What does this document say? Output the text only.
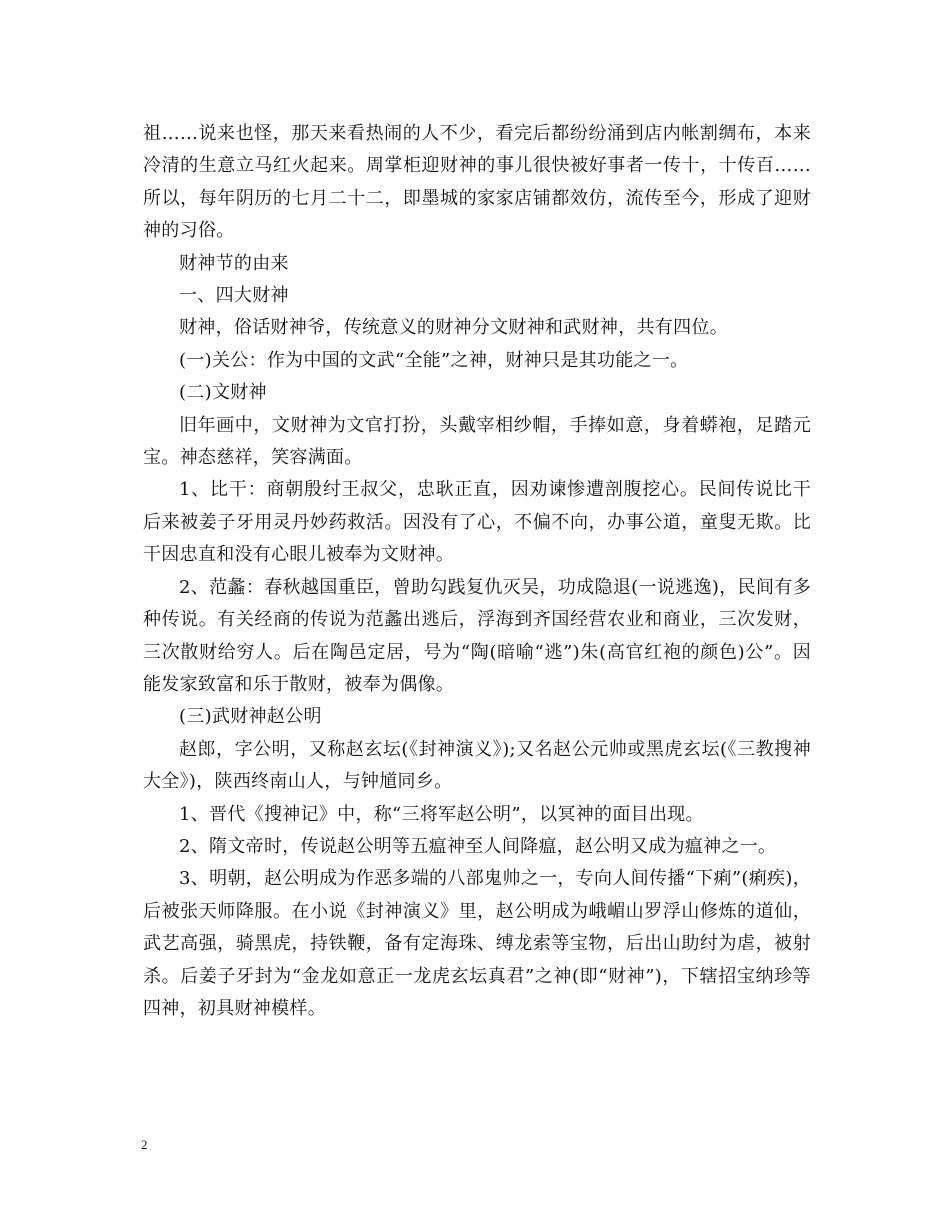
祖……说来也怪，那天来看热闹的人不少，看完后都纷纷涌到店内帐割绸布，本来冷清的生意立马红火起来。周掌柜迎财神的事儿很快被好事者一传十，十传百……所以，每年阴历的七月二十二，即墨城的家家店铺都效仿，流传至今，形成了迎财神的习俗。

财神节的由来

一、四大财神

财神，俗话财神爷，传统意义的财神分文财神和武财神，共有四位。

(一)关公：作为中国的文武“全能”之神，财神只是其功能之一。

(二)文财神

旧年画中，文财神为文官打扮，头戴宰相纱帽，手捧如意，身着蟒袍，足踏元宝。神态慈祥，笑容满面。

1、比干：商朝殷纣王叔父，忠耿正直，因劝谏惨遭剖腹挖心。民间传说比干后来被姜子牙用灵丹妙药救活。因没有了心，不偏不向，办事公道，童叟无欺。比干因忠直和没有心眼儿被奉为文财神。

2、范蠡：春秋越国重臣，曾助勾践复仇灭吴，功成隐退(一说逃逸)，民间有多种传说。有关经商的传说为范蠡出逃后，浮海到齐国经营农业和商业，三次发财，三次散财给穷人。后在陶邑定居，号为“陶(暗喻“逃”)朱(高官红袍的颜色)公”。因能发家致富和乐于散财，被奉为偶像。

(三)武财神赵公明

赵郎，字公明，又称赵玄坛(《封神演义》);又名赵公元帅或黑虎玄坛(《三教搜神大全》)，陕西终南山人，与钟馗同乡。

1、晋代《搜神记》中，称“三将军赵公明”，以冥神的面目出现。

2、隋文帝时，传说赵公明等五瘟神至人间降瘟，赵公明又成为瘟神之一。

3、明朝，赵公明成为作恶多端的八部鬼帅之一，专向人间传播“下痢”(痢疾)，后被张天师降服。在小说《封神演义》里，赵公明成为峨嵋山罗浮山修炼的道仙，武艺高强，骑黑虎，持铁鞭，备有定海珠、缚龙索等宝物，后出山助纣为虐，被射杀。后姜子牙封为“金龙如意正一龙虎玄坛真君”之神(即“财神”)，下辖招宝纳珍等四神，初具财神模样。

2
